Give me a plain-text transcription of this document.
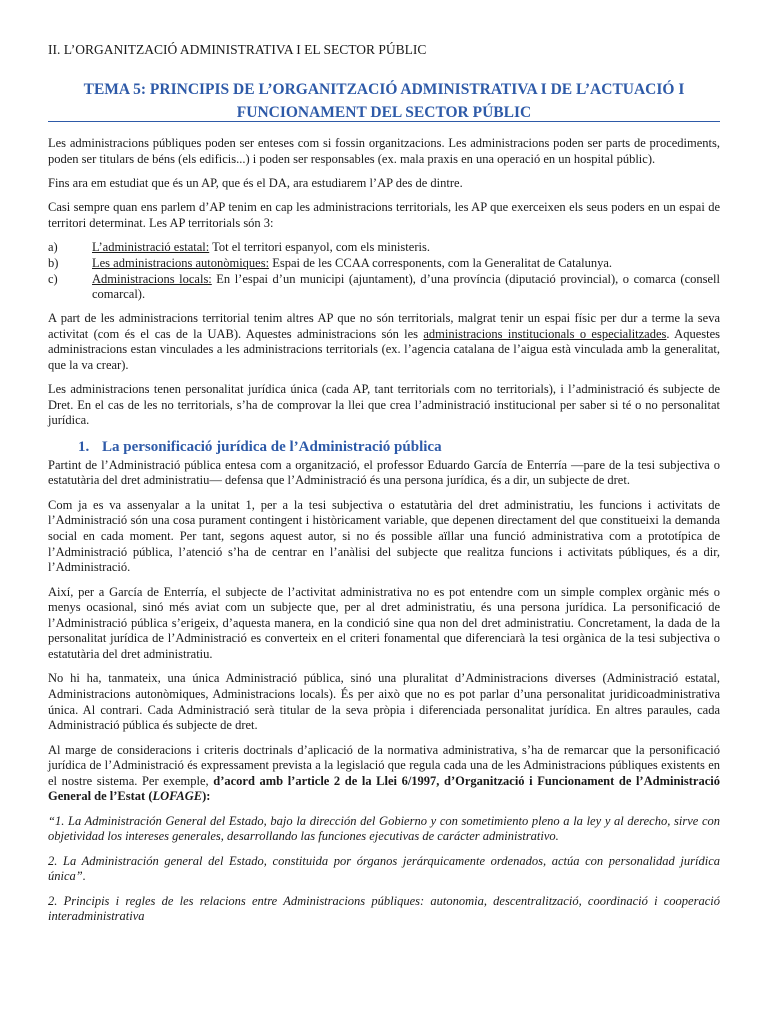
II. L’ORGANITZACIÓ ADMINISTRATIVA I EL SECTOR PÚBLIC
TEMA 5: PRINCIPIS DE L’ORGANITZACIÓ ADMINISTRATIVA I DE L’ACTUACIÓ I
FUNCIONAMENT DEL SECTOR PÚBLIC

Les administracions públiques poden ser enteses com si fossin organitzacions. Les administracions poden ser parts de procediments, poden ser titulars de béns (els edificis...) i poden ser responsables (ex. mala praxis en una operació en un hospital públic).

Fins ara em estudiat que és un AP, que és el DA, ara estudiarem l’AP des de dintre.

Casi sempre quan ens parlem d’AP tenim en cap les administracions territorials, les AP que exerceixen els seus poders en un espai de territori determinat. Les AP territorials són 3:

a)	L’administració estatal: Tot el territori espanyol, com els ministeris.
b)	Les administracions autonòmiques: Espai de les CCAA corresponents, com la Generalitat de Catalunya.
c)	Administracions locals: En l’espai d’un municipi (ajuntament), d’una província (diputació provincial), o comarca (consell comarcal).

A part de les administracions territorial tenim altres AP que no són territorials, malgrat tenir un espai físic per dur a terme la seva activitat (com és el cas de la UAB). Aquestes administracions són les administracions institucionals o especialitzades. Aquestes administracions estan vinculades a les administracions territorials (ex. l’agencia catalana de l’aigua està vinculada amb la generalitat, que la va crear).

Les administracions tenen personalitat jurídica única (cada AP, tant territorials com no territorials), i l’administració és subjecte de Dret. En el cas de les no territorials, s’ha de comprovar la llei que crea l’administració institucional per saber si té o no personalitat jurídica.

1. La personificació jurídica de l’Administració pública

Partint de l’Administració pública entesa com a organització, el professor Eduardo García de Enterría —pare de la tesi subjectiva o estatutària del dret administratiu— defensa que l’Administració és una persona jurídica, és a dir, un subjecte de dret.

Com ja es va assenyalar a la unitat 1, per a la tesi subjectiva o estatutària del dret administratiu, les funcions i activitats de l’Administració són una cosa purament contingent i històricament variable, que depenen directament del que constitueixi la demanda social en cada moment. Per tant, segons aquest autor, si no és possible aïllar una funció administrativa com a prototípica de l’Administració pública, l’atenció s’ha de centrar en l’anàlisi del subjecte que realitza funcions i activitats públiques, és a dir, l’Administració.

Així, per a García de Enterría, el subjecte de l’activitat administrativa no es pot entendre com un simple complex orgànic més o menys ocasional, sinó més aviat com un subjecte que, per al dret administratiu, és una persona jurídica. La personificació de l’Administració pública s’erigeix, d’aquesta manera, en la condició sine qua non del dret administratiu. Concretament, la dada de la personalitat jurídica de l’Administració es converteix en el criteri fonamental que diferenciarà la tesi orgànica de la tesi subjectiva o estatutària del dret administratiu.

No hi ha, tanmateix, una única Administració pública, sinó una pluralitat d’Administracions diverses (Administració estatal, Administracions autonòmiques, Administracions locals). És per això que no es pot parlar d’una personalitat juridicoadministrativa única. Al contrari. Cada Administració serà titular de la seva pròpia i diferenciada personalitat jurídica. En altres paraules, cada Administració pública és subjecte de dret.

Al marge de consideracions i criteris doctrinals d’aplicació de la normativa administrativa, s’ha de remarcar que la personificació jurídica de l’Administració és expressament prevista a la legislació que regula cada una de les Administracions públiques existents en el nostre sistema. Per exemple, d’acord amb l’article 2 de la Llei 6/1997, d’Organització i Funcionament de l’Administració General de l’Estat (LOFAGE):

“1. La Administración General del Estado, bajo la dirección del Gobierno y con sometimiento pleno a la ley y al derecho, sirve con objetividad los intereses generales, desarrollando las funciones ejecutivas de carácter administrativo.

2. La Administración general del Estado, constituida por órganos jerárquicamente ordenados, actúa con personalidad jurídica única”.

2. Principis i regles de les relacions entre Administracions públiques: autonomia, descentralització, coordinació i cooperació interadministrativa
